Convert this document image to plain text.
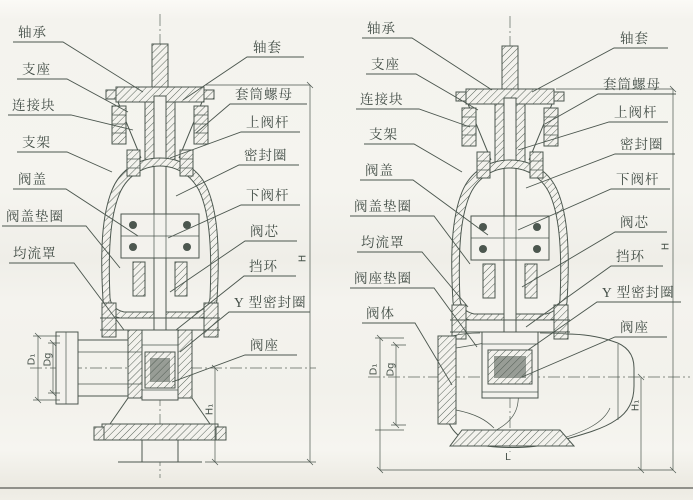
轴承
支座
连接块
支架
阀盖
阀盖垫圈
均流罩
轴套
套筒螺母
上阀杆
密封圈
下阀杆
阀芯
挡环
Y 型密封圈
阀座
轴承
支座
连接块
支架
阀盖
阀盖垫圈
均流罩
阀座垫圈
阀体
轴套
套筒螺母
上阀杆
密封圈
下阀杆
阀芯
挡环
Y 型密封圈
阀座
H
H₁
D₁ Dg
H
H₁
D₁ Dg
L
